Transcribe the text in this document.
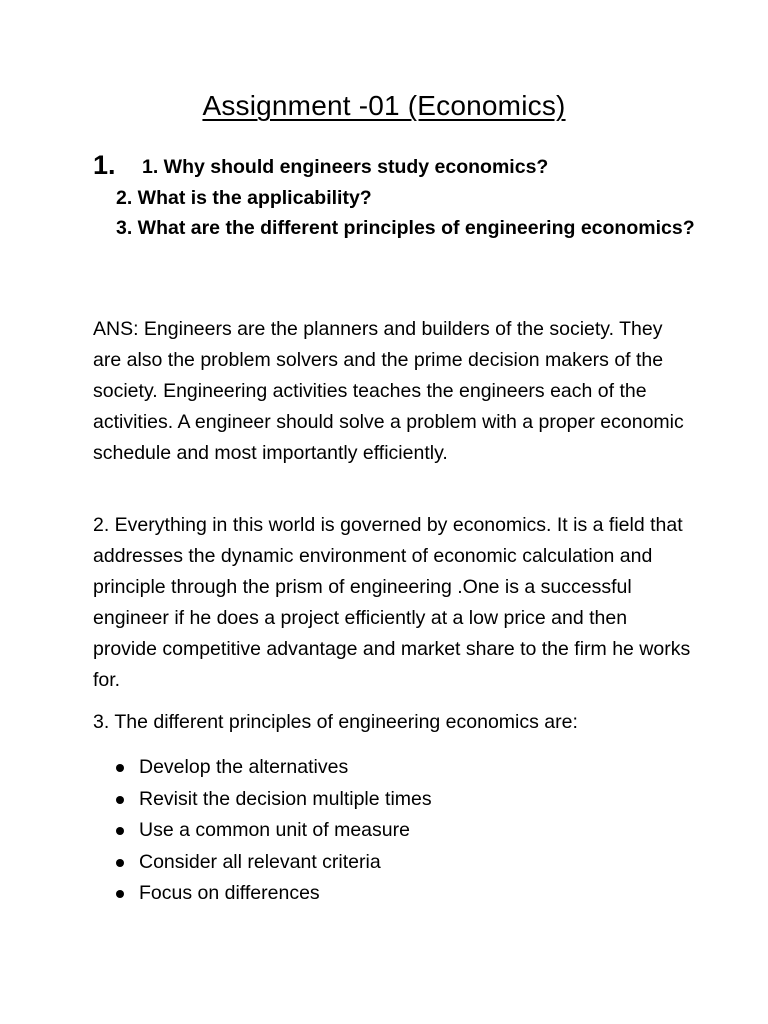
Assignment -01 (Economics)
1.	1. Why should engineers study economics?
2. What is the applicability?
3. What are the different principles of engineering economics?
ANS: Engineers are the planners and builders of the society. They are also the problem solvers and the prime decision makers of the society. Engineering activities teaches the engineers each of the activities. A engineer should solve a problem with a proper economic schedule and most importantly efficiently.
2. Everything in this world is governed by economics. It is a field that addresses the dynamic environment of economic calculation and principle through the prism of engineering .One is a successful engineer if he does a project efficiently at a low price and then provide competitive advantage and market share to the firm he works for.
3. The different principles of engineering economics are:
Develop the alternatives
Revisit the decision multiple times
Use a common unit of measure
Consider all relevant criteria
Focus on differences
